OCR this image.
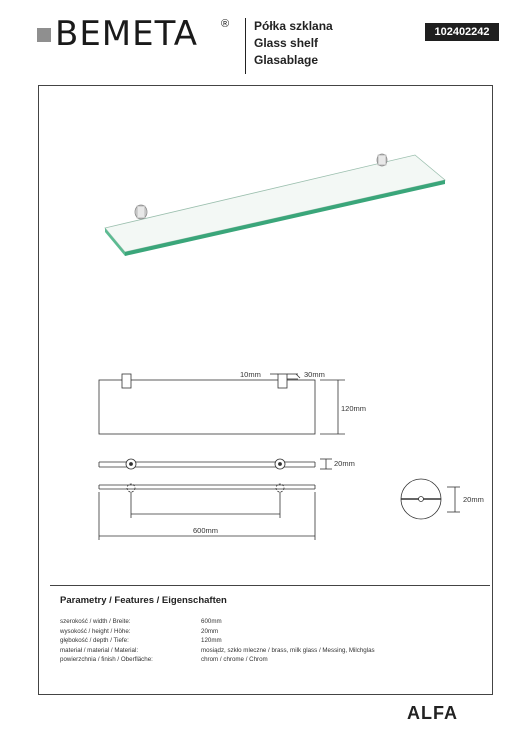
BEMETA ® Półka szklana
Glass shelf
Glasablage
102402242
10mm	30mm
120mm
20mm
600mm
20mm
Parametry / Features / Eigenschaften
szerokość / width / Breite:	600mm
wysokość / height / Höhe:	20mm
głębokość / depth / Tiefe:	120mm
materiał / material / Material:	mosiądz, szkło mleczne / brass, milk glass / Messing, Milchglas
powierzchnia / finish / Oberfläche:	chrom / chrome / Chrom
ALFA
